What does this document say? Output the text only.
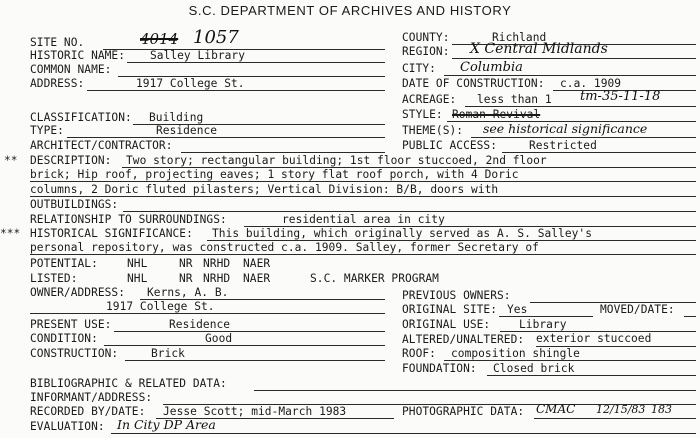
S.C. DEPARTMENT OF ARCHIVES AND HISTORY
SITE NO.	4014 1057
HISTORIC NAME: Salley Library
COMMON NAME:
ADDRESS:	1917 College St.
COUNTY:	Richland
REGION: X Central Midlands
CITY: Columbia
DATE OF CONSTRUCTION: c.a. 1909
ACREAGE: less than 1 tm-35-11-18
STYLE: Roman Revival
THEME(S): see historical significance
PUBLIC ACCESS:	Restricted
CLASSIFICATION: Building
TYPE:	Residence
ARCHITECT/CONTRACTOR:
** DESCRIPTION: Two story; rectangular building; 1st floor stuccoed, 2nd floor
brick; Hip roof, projecting eaves; 1 story flat roof porch, with 4 Doric
columns, 2 Doric fluted pilasters; Vertical Division: B/B, doors with
OUTBUILDINGS:
RELATIONSHIP TO SURROUNDINGS:	residential area in city
*** HISTORICAL SIGNIFICANCE: This building, which originally served as A. S. Salley's
personal repository, was constructed c.a. 1909. Salley, former Secretary of
POTENTIAL:	NHL	NR NRHD NAER
LISTED:	NHL	NR NRHD NAER	S.C. MARKER PROGRAM
OWNER/ADDRESS: Kerns, A. B.
1917 College St.
PREVIOUS OWNERS:
ORIGINAL SITE: Yes	MOVED/DATE:
ORIGINAL USE:	Library
PRESENT USE:	Residence
CONDITION:	Good	ALTERED/UNALTERED: exterior stuccoed
CONSTRUCTION:	Brick	ROOF: composition shingle
FOUNDATION: Closed brick
BIBLIOGRAPHIC & RELATED DATA:
INFORMANT/ADDRESS:
RECORDED BY/DATE: Jesse Scott; mid-March 1983	PHOTOGRAPHIC DATA: CMAC 12/15/83 183
EVALUATION: In City DP Area
